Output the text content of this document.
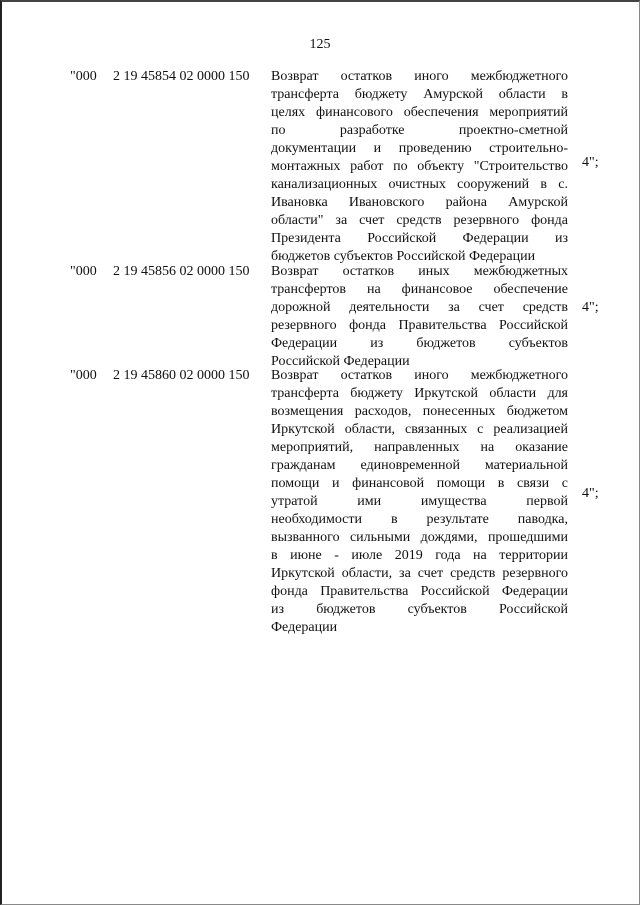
125
"000 2 19 45854 02 0000 150 Возврат остатков иного межбюджетного
трансферта бюджету Амурской области в
целях финансового обеспечения мероприятий
по разработке проектно-сметной
документации и проведению строительно-
монтажных работ по объекту "Строительство
канализационных очистных сооружений в с.
Ивановка Ивановского района Амурской
области" за счет средств резервного фонда
Президента Российской Федерации из
бюджетов субъектов Российской Федерации
4";
"000 2 19 45856 02 0000 150 Возврат остатков иных межбюджетных
трансфертов на финансовое обеспечение
дорожной деятельности за счет средств
резервного фонда Правительства Российской
Федерации из бюджетов субъектов
Российской Федерации
4";
"000 2 19 45860 02 0000 150 Возврат остатков иного межбюджетного
трансферта бюджету Иркутской области для
возмещения расходов, понесенных бюджетом
Иркутской области, связанных с реализацией
мероприятий, направленных на оказание
гражданам единовременной материальной
помощи и финансовой помощи в связи с
утратой ими имущества первой
необходимости в результате паводка,
вызванного сильными дождями, прошедшими
в июне - июле 2019 года на территории
Иркутской области, за счет средств резервного
фонда Правительства Российской Федерации
из бюджетов субъектов Российской
Федерации
4";
